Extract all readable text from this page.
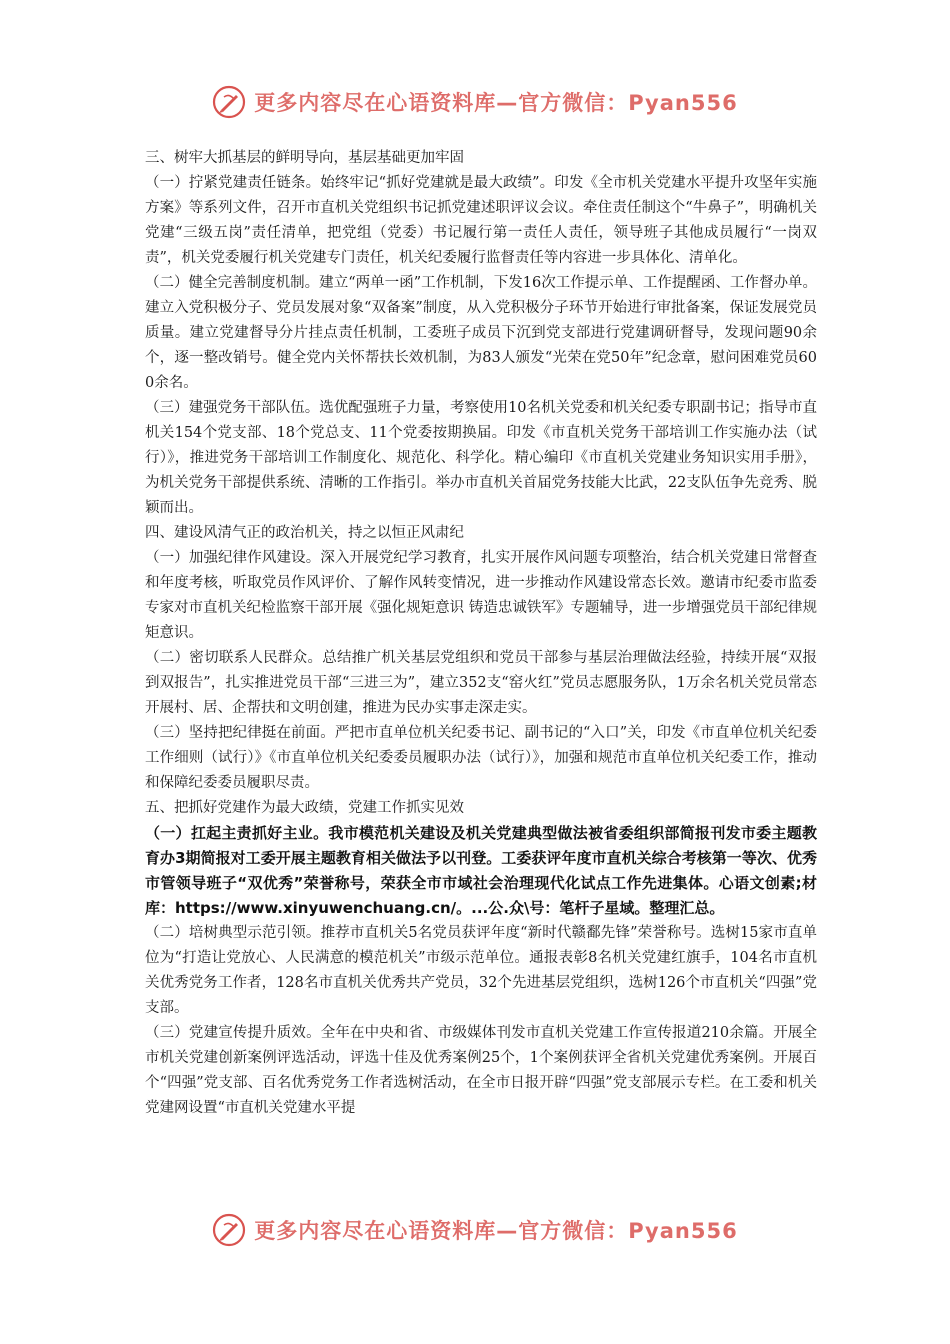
更多内容尽在心语资料库—官方微信：Pyan556

三、树牢大抓基层的鲜明导向，基层基础更加牢固

（一）拧紧党建责任链条。始终牢记“抓好党建就是最大政绩”。印发《全市机关党建水平提升攻坚年实施方案》等系列文件，召开市直机关党组织书记抓党建述职评议会议。牵住责任制这个“牛鼻子”，明确机关党建“三级五岗”责任清单，把党组（党委）书记履行第一责任人责任，领导班子其他成员履行“一岗双责”，机关党委履行机关党建专门责任，机关纪委履行监督责任等内容进一步具体化、清单化。

（二）健全完善制度机制。建立“两单一函”工作机制，下发16次工作提示单、工作提醒函、工作督办单。建立入党积极分子、党员发展对象“双备案”制度，从入党积极分子环节开始进行审批备案，保证发展党员质量。建立党建督导分片挂点责任机制，工委班子成员下沉到党支部进行党建调研督导，发现问题90余个，逐一整改销号。健全党内关怀帮扶长效机制，为83人颁发“光荣在党50年”纪念章，慰问困难党员600余名。

（三）建强党务干部队伍。选优配强班子力量，考察使用10名机关党委和机关纪委专职副书记；指导市直机关154个党支部、18个党总支、11个党委按期换届。印发《市直机关党务干部培训工作实施办法（试行）》，推进党务干部培训工作制度化、规范化、科学化。精心编印《市直机关党建业务知识实用手册》，为机关党务干部提供系统、清晰的工作指引。举办市直机关首届党务技能大比武，22支队伍争先竞秀、脱颖而出。

四、建设风清气正的政治机关，持之以恒正风肃纪

（一）加强纪律作风建设。深入开展党纪学习教育，扎实开展作风问题专项整治，结合机关党建日常督查和年度考核，听取党员作风评价、了解作风转变情况，进一步推动作风建设常态长效。邀请市纪委市监委专家对市直机关纪检监察干部开展《强化规矩意识 铸造忠诚铁军》专题辅导，进一步增强党员干部纪律规矩意识。

（二）密切联系人民群众。总结推广机关基层党组织和党员干部参与基层治理做法经验，持续开展“双报到双报告”，扎实推进党员干部“三进三为”，建立352支“窑火红”党员志愿服务队，1万余名机关党员常态开展村、居、企帮扶和文明创建，推进为民办实事走深走实。

（三）坚持把纪律挺在前面。严把市直单位机关纪委书记、副书记的“入口”关，印发《市直单位机关纪委工作细则（试行）》《市直单位机关纪委委员履职办法（试行）》，加强和规范市直单位机关纪委工作，推动和保障纪委委员履职尽责。

五、把抓好党建作为最大政绩，党建工作抓实见效

（一）扛起主责抓好主业。我市模范机关建设及机关党建典型做法被省委组织部简报刊发市委主题教育办3期简报对工委开展主题教育相关做法予以刊登。工委获评年度市直机关综合考核第一等次、优秀市管领导班子“双优秀”荣誉称号，荣获全市市域社会治理现代化试点工作先进集体。心语文创素;材库：https://www.xinyuwenchuang.cn/。...公.众\号：笔杆子星域。整理汇总。

（二）培树典型示范引领。推荐市直机关5名党员获评年度“新时代赣鄱先锋”荣誉称号。选树15家市直单位为“打造让党放心、人民满意的模范机关”市级示范单位。通报表彰8名机关党建红旗手，104名市直机关优秀党务工作者，128名市直机关优秀共产党员，32个先进基层党组织，选树126个市直机关“四强”党支部。

（三）党建宣传提升质效。全年在中央和省、市级媒体刊发市直机关党建工作宣传报道210余篇。开展全市机关党建创新案例评选活动，评选十佳及优秀案例25个，1个案例获评全省机关党建优秀案例。开展百个“四强”党支部、百名优秀党务工作者选树活动，在全市日报开辟“四强”党支部展示专栏。在工委和机关党建网设置“市直机关党建水平提

更多内容尽在心语资料库—官方微信：Pyan556
